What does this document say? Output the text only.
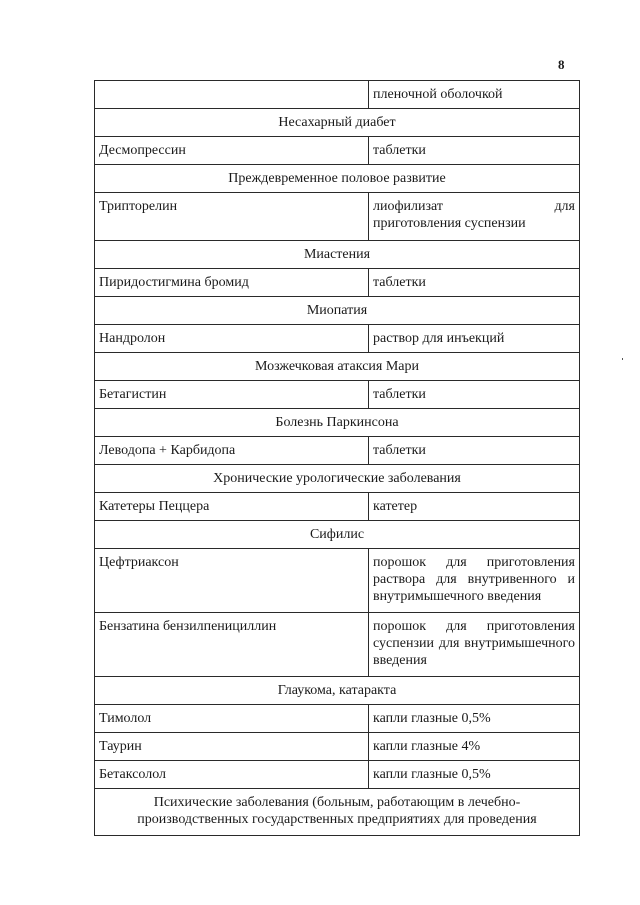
8
	пленочной оболочкой
Несахарный диабет	
Десмопрессин	таблетки
Преждевременное половое развитие	
Трипторелин	лиофилизат для
приготовления суспензии

Миастения	
Пиридостигмина бромид	таблетки
Миопатия	
Нандролон	раствор для инъекций
Мозжечковая атаксия Мари	
Бетагистин	таблетки
Болезнь Паркинсона	
Леводопа + Карбидопа	таблетки
Хронические урологические заболевания	
Катетеры Пеццера	катетер
Сифилис	
Цефтриаксон	порошок для приготовления раствора для внутривенного и внутримышечного введения
Бензатина бензилпенициллин	порошок для приготовления суспензии для внутримышечного введения
Глаукома, катаракта	
Тимолол	капли глазные 0,5%
Таурин	капли глазные 4%
Бетаксолол	капли глазные 0,5%
Психические заболевания (больным, работающим в лечебно-производственных государственных предприятиях для проведения	
